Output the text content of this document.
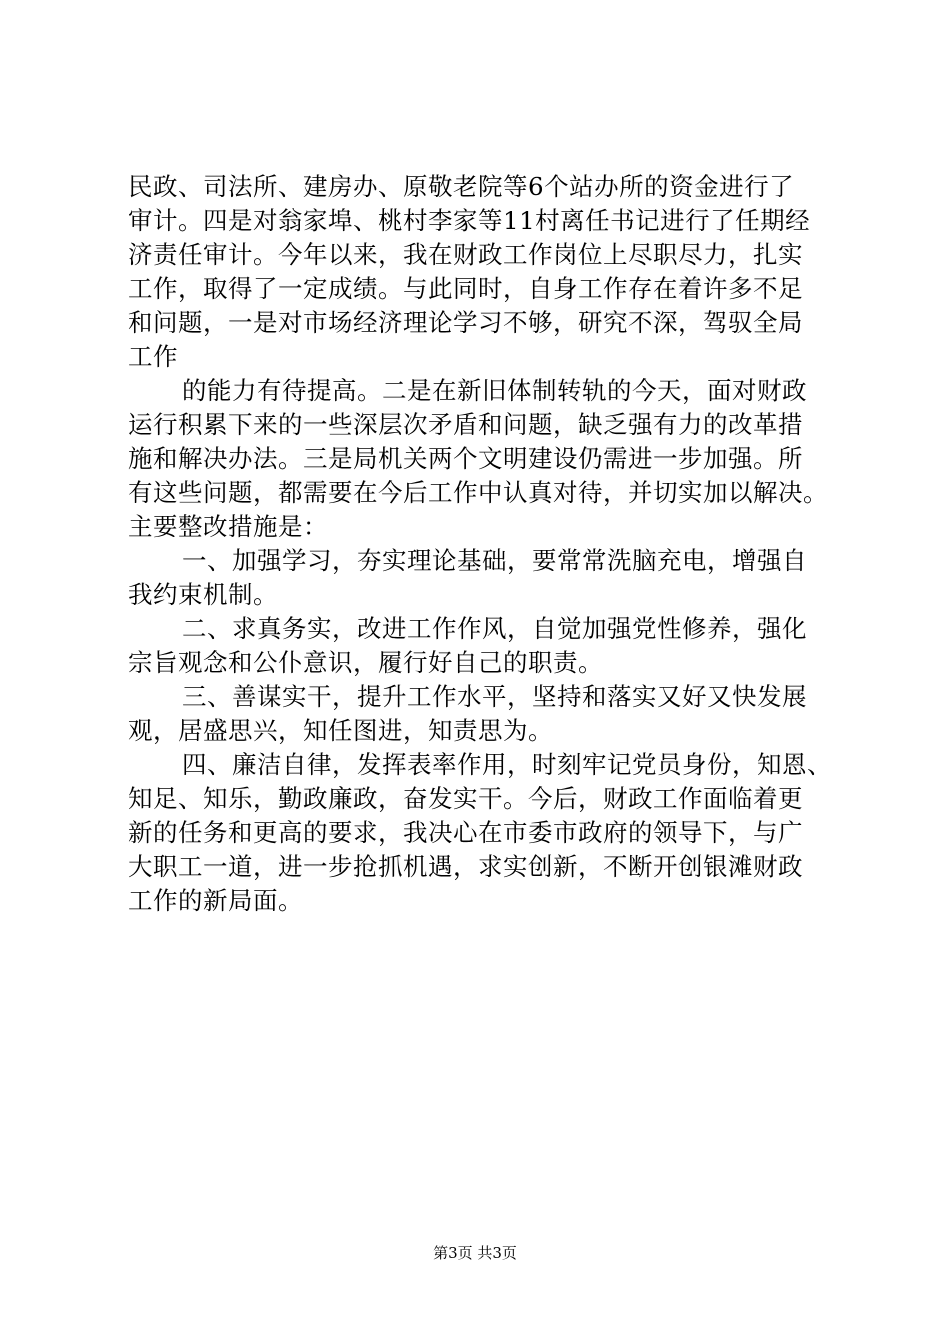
民政、司法所、建房办、原敬老院等6个站办所的资金进行了
审计。四是对翁家埠、桃村李家等11村离任书记进行了任期经
济责任审计。今年以来，我在财政工作岗位上尽职尽力，扎实
工作，取得了一定成绩。与此同时，自身工作存在着许多不足
和问题，一是对市场经济理论学习不够，研究不深，驾驭全局
工作
的能力有待提高。二是在新旧体制转轨的今天，面对财政
运行积累下来的一些深层次矛盾和问题，缺乏强有力的改革措
施和解决办法。三是局机关两个文明建设仍需进一步加强。所
有这些问题，都需要在今后工作中认真对待，并切实加以解决。
主要整改措施是：
一、加强学习，夯实理论基础，要常常洗脑充电，增强自
我约束机制。
二、求真务实，改进工作作风，自觉加强党性修养，强化
宗旨观念和公仆意识，履行好自己的职责。
三、善谋实干，提升工作水平，坚持和落实又好又快发展
观，居盛思兴，知任图进，知责思为。
四、廉洁自律，发挥表率作用，时刻牢记党员身份，知恩、
知足、知乐，勤政廉政，奋发实干。今后，财政工作面临着更
新的任务和更高的要求，我决心在市委市政府的领导下，与广
大职工一道，进一步抢抓机遇，求实创新，不断开创银滩财政
工作的新局面。
第3页 共3页
